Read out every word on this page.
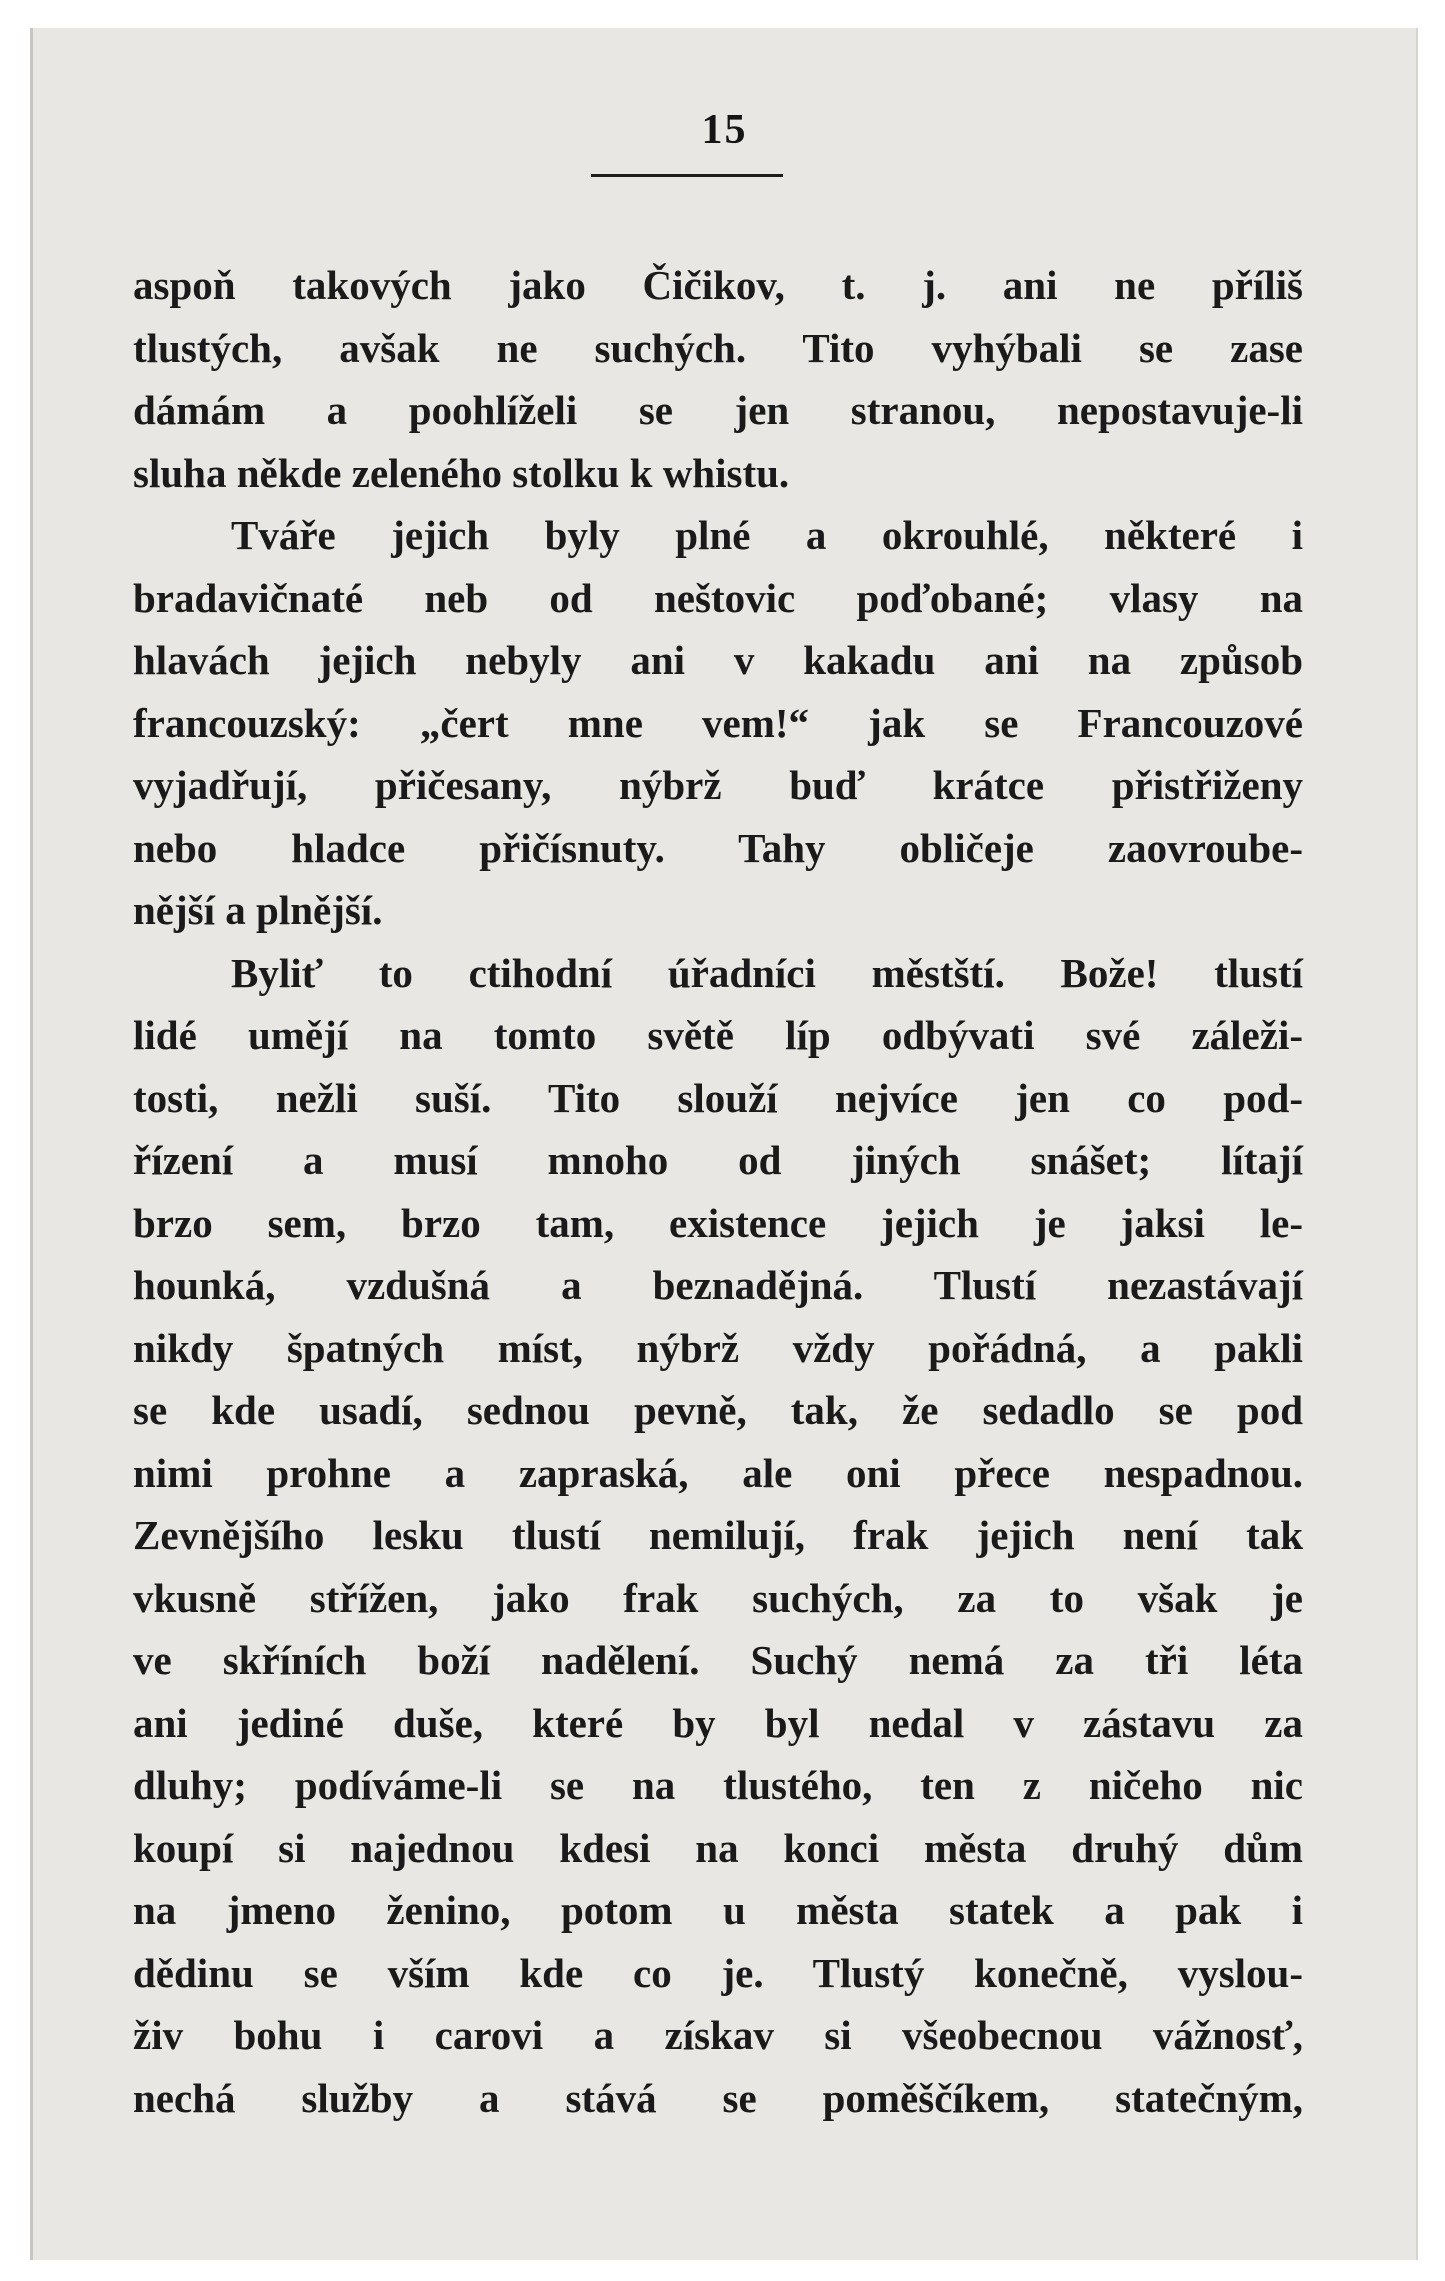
15
aspoň takových jako Čičikov, t. j. ani ne příliš
tlustých, avšak ne suchých. Tito vyhýbali se zase
dámám a poohlíželi se jen stranou, nepostavuje-li
sluha někde zeleného stolku k whistu.
Tváře jejich byly plné a okrouhlé, některé i
bradavičnaté neb od neštovic poďobané; vlasy na
hlavách jejich nebyly ani v kakadu ani na způsob
francouzský: „čert mne vem!“ jak se Francouzové
vyjadřují, přičesany, nýbrž buď krátce přistřiženy
nebo hladce přičísnuty. Tahy obličeje zaovroube-
nější a plnější.
Byliť to ctihodní úřadníci městští. Bože! tlustí
lidé umějí na tomto světě líp odbývati své záleži-
tosti, nežli suší. Tito slouží nejvíce jen co pod-
řízení a musí mnoho od jiných snášet; lítají
brzo sem, brzo tam, existence jejich je jaksi le-
hounká, vzdušná a beznadějná. Tlustí nezastávají
nikdy špatných míst, nýbrž vždy pořádná, a pakli
se kde usadí, sednou pevně, tak, že sedadlo se pod
nimi prohne a zapraská, ale oni přece nespadnou.
Zevnějšího lesku tlustí nemilují, frak jejich není tak
vkusně střížen, jako frak suchých, za to však je
ve skříních boží nadělení. Suchý nemá za tři léta
ani jediné duše, které by byl nedal v zástavu za
dluhy; podíváme-li se na tlustého, ten z ničeho nic
koupí si najednou kdesi na konci města druhý dům
na jmeno ženino, potom u města statek a pak i
dědinu se vším kde co je. Tlustý konečně, vyslou-
živ bohu i carovi a získav si všeobecnou vážnosť,
nechá služby a stává se poměščíkem, statečným,
